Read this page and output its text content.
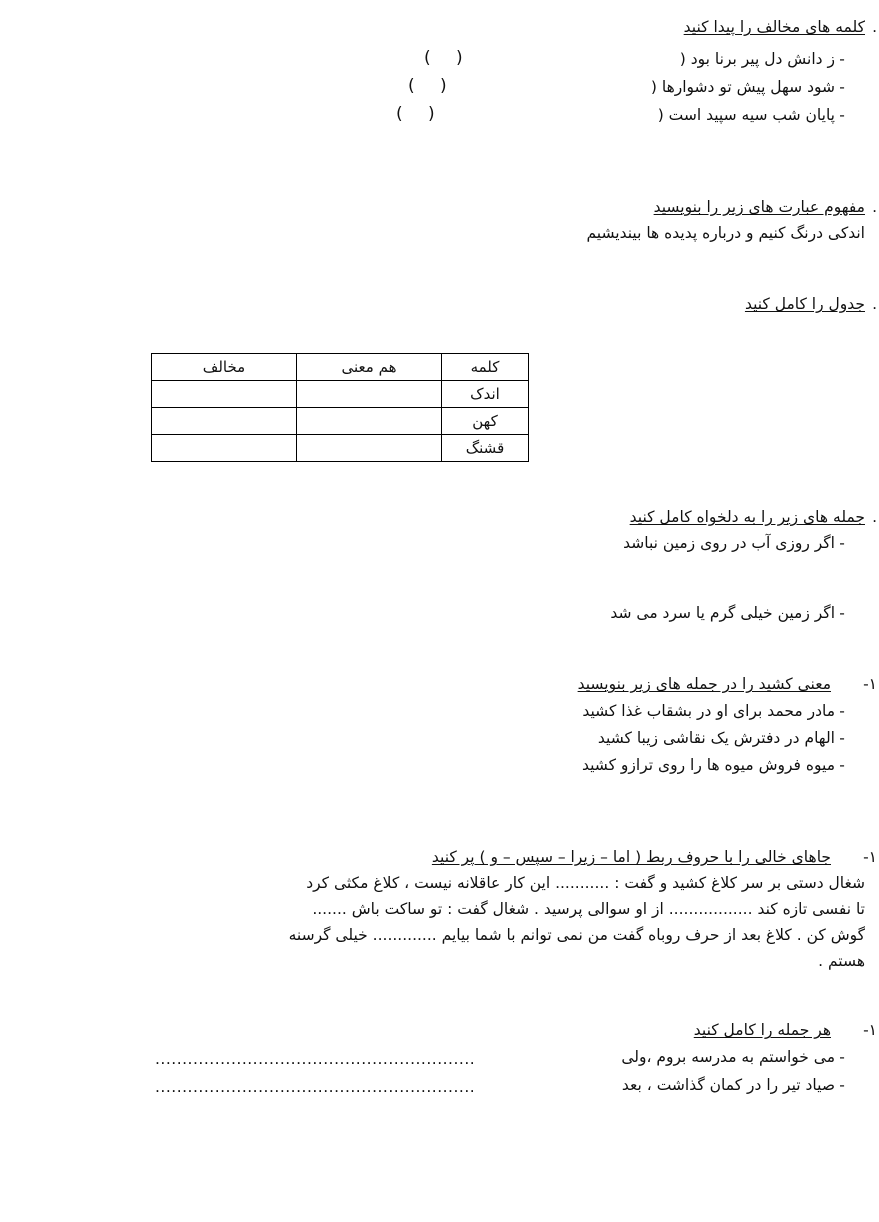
.
کلمه های مخالف را پیدا کنید
-
ز دانش دل پیر برنا بود (
)
(
-
شود سهل پیش تو دشوارها (
)
(
-
پایان شب سیه سپید است (
)
(
.
مفهوم عبارت های زیر را بنویسید
اندکی درنگ کنیم و درباره پدیده ها بیندیشیم
.
جدول را کامل کنید
کلمه	هم معنی	مخالف
اندک		
کهن		
قشنگ		
.
جمله های زیر را به دلخواه کامل کنید
-
اگر روزی آب در روی زمین نباشد
-
اگر زمین خیلی گرم یا سرد می شد
۱-
معنی کشید را در جمله های زیر بنویسید
-
مادر محمد برای او در بشقاب غذا کشید
-
الهام در دفترش یک نقاشی زیبا کشید
-
میوه فروش میوه ها را روی ترازو کشید
۱-
جاهای خالی را با حروف ربط ( اما – زیرا – سپس – و ) پر کنید
شغال دستی بر سر کلاغ کشید و گفت : ........... این کار عاقلانه نیست ، کلاغ مکثی کرد
تا نفسی تازه کند ................. از او سوالی پرسید . شغال گفت : تو ساکت باش .......
گوش کن . کلاغ بعد از حرف روباه گفت من نمی توانم با شما بیایم ............. خیلی گرسنه
هستم .
۱-
هر جمله را کامل کنید
-
می خواستم به مدرسه بروم ،ولی
...........................................................
-
صیاد تیر را در کمان گذاشت ، بعد
...........................................................
